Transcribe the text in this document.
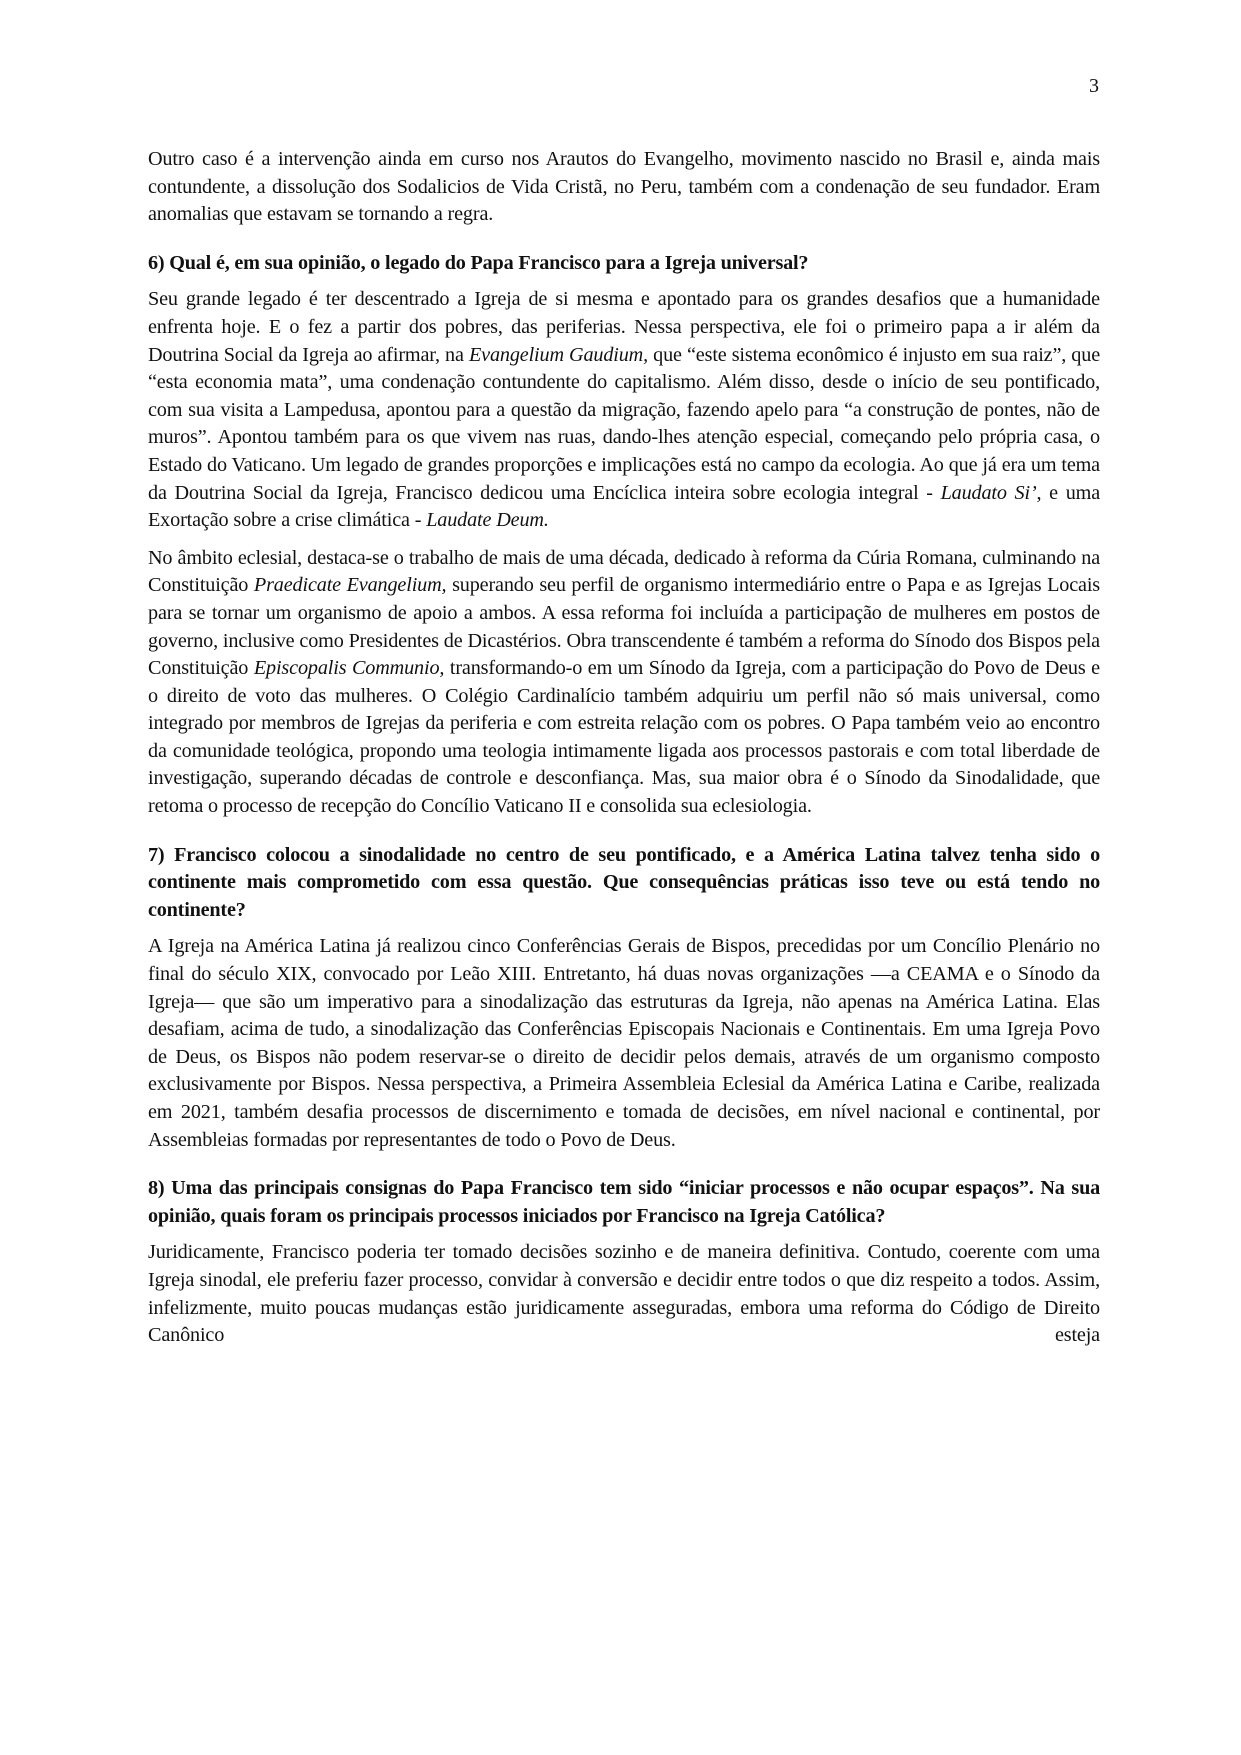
3

Outro caso é a intervenção ainda em curso nos Arautos do Evangelho, movimento nascido no Brasil e, ainda mais contundente, a dissolução dos Sodalicios de Vida Cristã, no Peru, também com a condenação de seu fundador. Eram anomalias que estavam se tornando a regra.

6) Qual é, em sua opinião, o legado do Papa Francisco para a Igreja universal?

Seu grande legado é ter descentrado a Igreja de si mesma e apontado para os grandes desafios que a humanidade enfrenta hoje. E o fez a partir dos pobres, das periferias. Nessa perspectiva, ele foi o primeiro papa a ir além da Doutrina Social da Igreja ao afirmar, na Evangelium Gaudium, que “este sistema econômico é injusto em sua raiz”, que “esta economia mata”, uma condenação contundente do capitalismo. Além disso, desde o início de seu pontificado, com sua visita a Lampedusa, apontou para a questão da migração, fazendo apelo para “a construção de pontes, não de muros”. Apontou também para os que vivem nas ruas, dando-lhes atenção especial, começando pelo própria casa, o Estado do Vaticano. Um legado de grandes proporções e implicações está no campo da ecologia. Ao que já era um tema da Doutrina Social da Igreja, Francisco dedicou uma Encíclica inteira sobre ecologia integral - Laudato Si’, e uma Exortação sobre a crise climática - Laudate Deum.

No âmbito eclesial, destaca-se o trabalho de mais de uma década, dedicado à reforma da Cúria Romana, culminando na Constituição Praedicate Evangelium, superando seu perfil de organismo intermediário entre o Papa e as Igrejas Locais para se tornar um organismo de apoio a ambos. A essa reforma foi incluída a participação de mulheres em postos de governo, inclusive como Presidentes de Dicastérios. Obra transcendente é também a reforma do Sínodo dos Bispos pela Constituição Episcopalis Communio, transformando-o em um Sínodo da Igreja, com a participação do Povo de Deus e o direito de voto das mulheres. O Colégio Cardinalício também adquiriu um perfil não só mais universal, como integrado por membros de Igrejas da periferia e com estreita relação com os pobres. O Papa também veio ao encontro da comunidade teológica, propondo uma teologia intimamente ligada aos processos pastorais e com total liberdade de investigação, superando décadas de controle e desconfiança. Mas, sua maior obra é o Sínodo da Sinodalidade, que retoma o processo de recepção do Concílio Vaticano II e consolida sua eclesiologia.

7) Francisco colocou a sinodalidade no centro de seu pontificado, e a América Latina talvez tenha sido o continente mais comprometido com essa questão. Que consequências práticas isso teve ou está tendo no continente?

A Igreja na América Latina já realizou cinco Conferências Gerais de Bispos, precedidas por um Concílio Plenário no final do século XIX, convocado por Leão XIII. Entretanto, há duas novas organizações —a CEAMA e o Sínodo da Igreja— que são um imperativo para a sinodalização das estruturas da Igreja, não apenas na América Latina. Elas desafiam, acima de tudo, a sinodalização das Conferências Episcopais Nacionais e Continentais. Em uma Igreja Povo de Deus, os Bispos não podem reservar-se o direito de decidir pelos demais, através de um organismo composto exclusivamente por Bispos. Nessa perspectiva, a Primeira Assembleia Eclesial da América Latina e Caribe, realizada em 2021, também desafia processos de discernimento e tomada de decisões, em nível nacional e continental, por Assembleias formadas por representantes de todo o Povo de Deus.

8) Uma das principais consignas do Papa Francisco tem sido “iniciar processos e não ocupar espaços”. Na sua opinião, quais foram os principais processos iniciados por Francisco na Igreja Católica?

Juridicamente, Francisco poderia ter tomado decisões sozinho e de maneira definitiva. Contudo, coerente com uma Igreja sinodal, ele preferiu fazer processo, convidar à conversão e decidir entre todos o que diz respeito a todos. Assim, infelizmente, muito poucas mudanças estão juridicamente asseguradas, embora uma reforma do Código de Direito Canônico esteja
